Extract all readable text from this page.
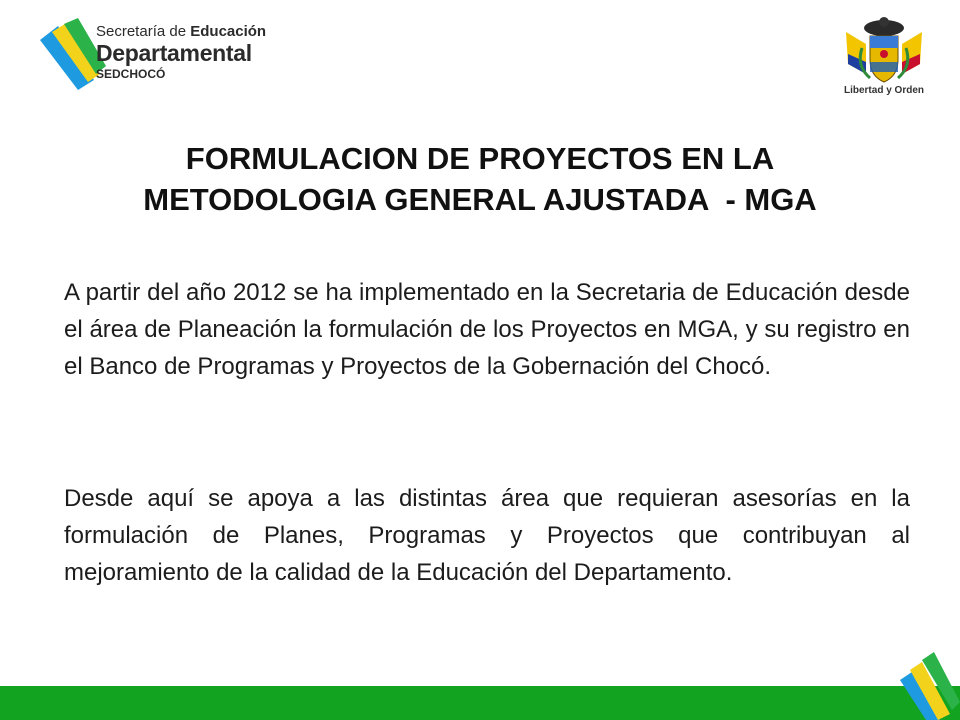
Secretaría de Educación
Departamental
SEDCHOCÓ
Libertad y Orden
FORMULACION DE PROYECTOS EN LA
METODOLOGIA GENERAL AJUSTADA  - MGA
A partir del año 2012 se ha implementado en la Secretaria de Educación desde el área de Planeación la formulación de los Proyectos en MGA, y su registro en el Banco de Programas y Proyectos de la Gobernación del Chocó.
Desde aquí se apoya a las distintas área que requieran asesorías en la formulación de Planes, Programas y Proyectos que contribuyan al mejoramiento de la calidad de la Educación del Departamento.
